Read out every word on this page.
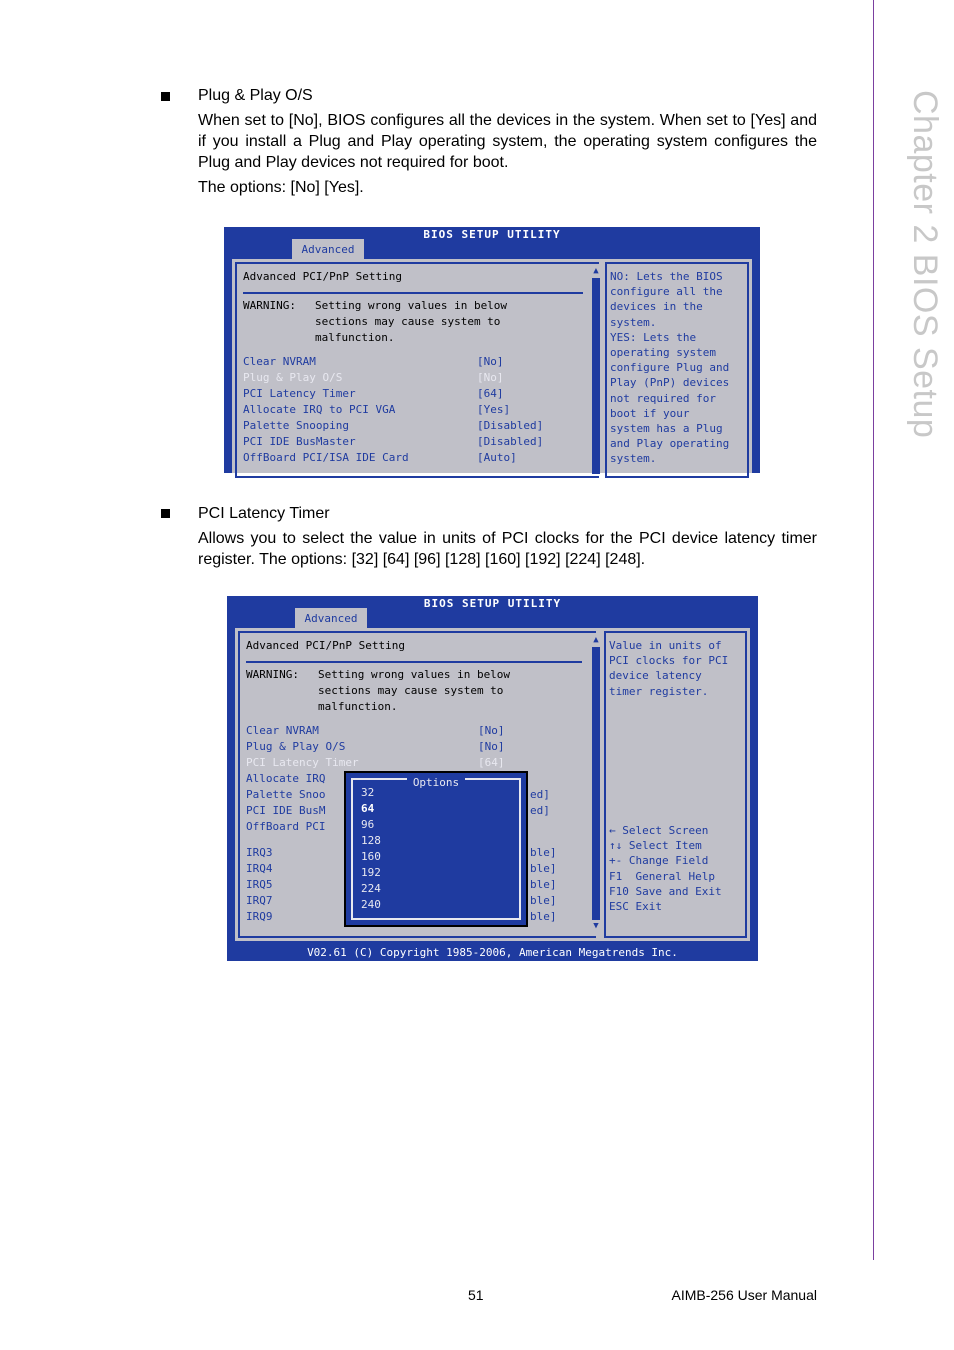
Chapter 2 BIOS Setup
Plug & Play O/S
When set to [No], BIOS configures all the devices in the system. When set to [Yes] and if you install a Plug and Play operating system, the operating system configures the Plug and Play devices not required for boot.
The options: [No] [Yes].
BIOS SETUP UTILITY
Advanced
Advanced PCI/PnP Setting
WARNING: Setting wrong values in below
sections may cause system to
malfunction.
Clear NVRAM	[No]
Plug & Play O/S	[No]
PCI Latency Timer	[64]
Allocate IRQ to PCI VGA	[Yes]
Palette Snooping	[Disabled]
PCI IDE BusMaster	[Disabled]
OffBoard PCI/ISA IDE Card	[Auto]
▲ NO: Lets the BIOS
configure all the
devices in the
system.
YES: Lets the
operating system
configure Plug and
Play (PnP) devices
not required for
boot if your
system has a Plug
and Play operating
system.
PCI Latency Timer
Allows you to select the value in units of PCI clocks for the PCI device latency timer register. The options: [32] [64] [96] [128] [160] [192] [224] [248].
BIOS SETUP UTILITY
Advanced
Advanced PCI/PnP Setting
WARNING: Setting wrong values in below
sections may cause system to
malfunction.
Clear NVRAM	[No]
Plug & Play O/S	[No]
PCI Latency Timer	[64]
Allocate IRQ
Palette Snoo	ed]
PCI IDE BusM	ed]
OffBoard PCI
IRQ3	ble]
IRQ4	ble]
IRQ5	ble]
IRQ7	ble]
IRQ9	ble]
Options
32
64
96
128
160
192
224
240
▲
▼
Value in units of
PCI clocks for PCI
device latency
timer register.
← Select Screen
↑↓ Select Item
+- Change Field
F1  General Help
F10 Save and Exit
ESC Exit
V02.61 (C) Copyright 1985-2006, American Megatrends Inc.
51	AIMB-256 User Manual
